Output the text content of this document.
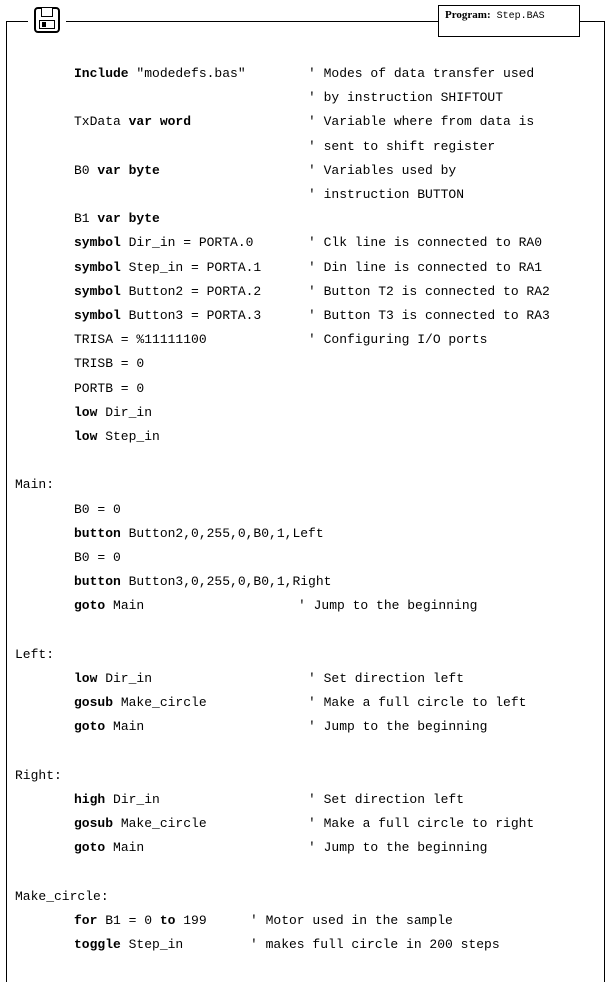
Program: Step.BAS
Include "modedefs.bas"	' Modes of data transfer used
' by instruction SHIFTOUT
TxData var word	' Variable where from data is
' sent to shift register
B0 var byte	' Variables used by
' instruction BUTTON
B1 var byte
symbol Dir_in = PORTA.0	' Clk line is connected to RA0
symbol Step_in = PORTA.1	' Din line is connected to RA1
symbol Button2 = PORTA.2	' Button T2 is connected to RA2
symbol Button3 = PORTA.3	' Button T3 is connected to RA3
TRISA = %11111100	' Configuring I/O ports
TRISB = 0
PORTB = 0
low Dir_in
low Step_in
Main:
B0 = 0
button Button2,0,255,0,B0,1,Left
B0 = 0
button Button3,0,255,0,B0,1,Right
goto Main	' Jump to the beginning
Left:
low Dir_in	' Set direction left
gosub Make_circle	' Make a full circle to left
goto Main	' Jump to the beginning
Right:
high Dir_in	' Set direction left
gosub Make_circle	' Make a full circle to right
goto Main	' Jump to the beginning
Make_circle:
for B1 = 0 to 199	' Motor used in the sample
toggle Step_in	' makes full circle in 200 steps
